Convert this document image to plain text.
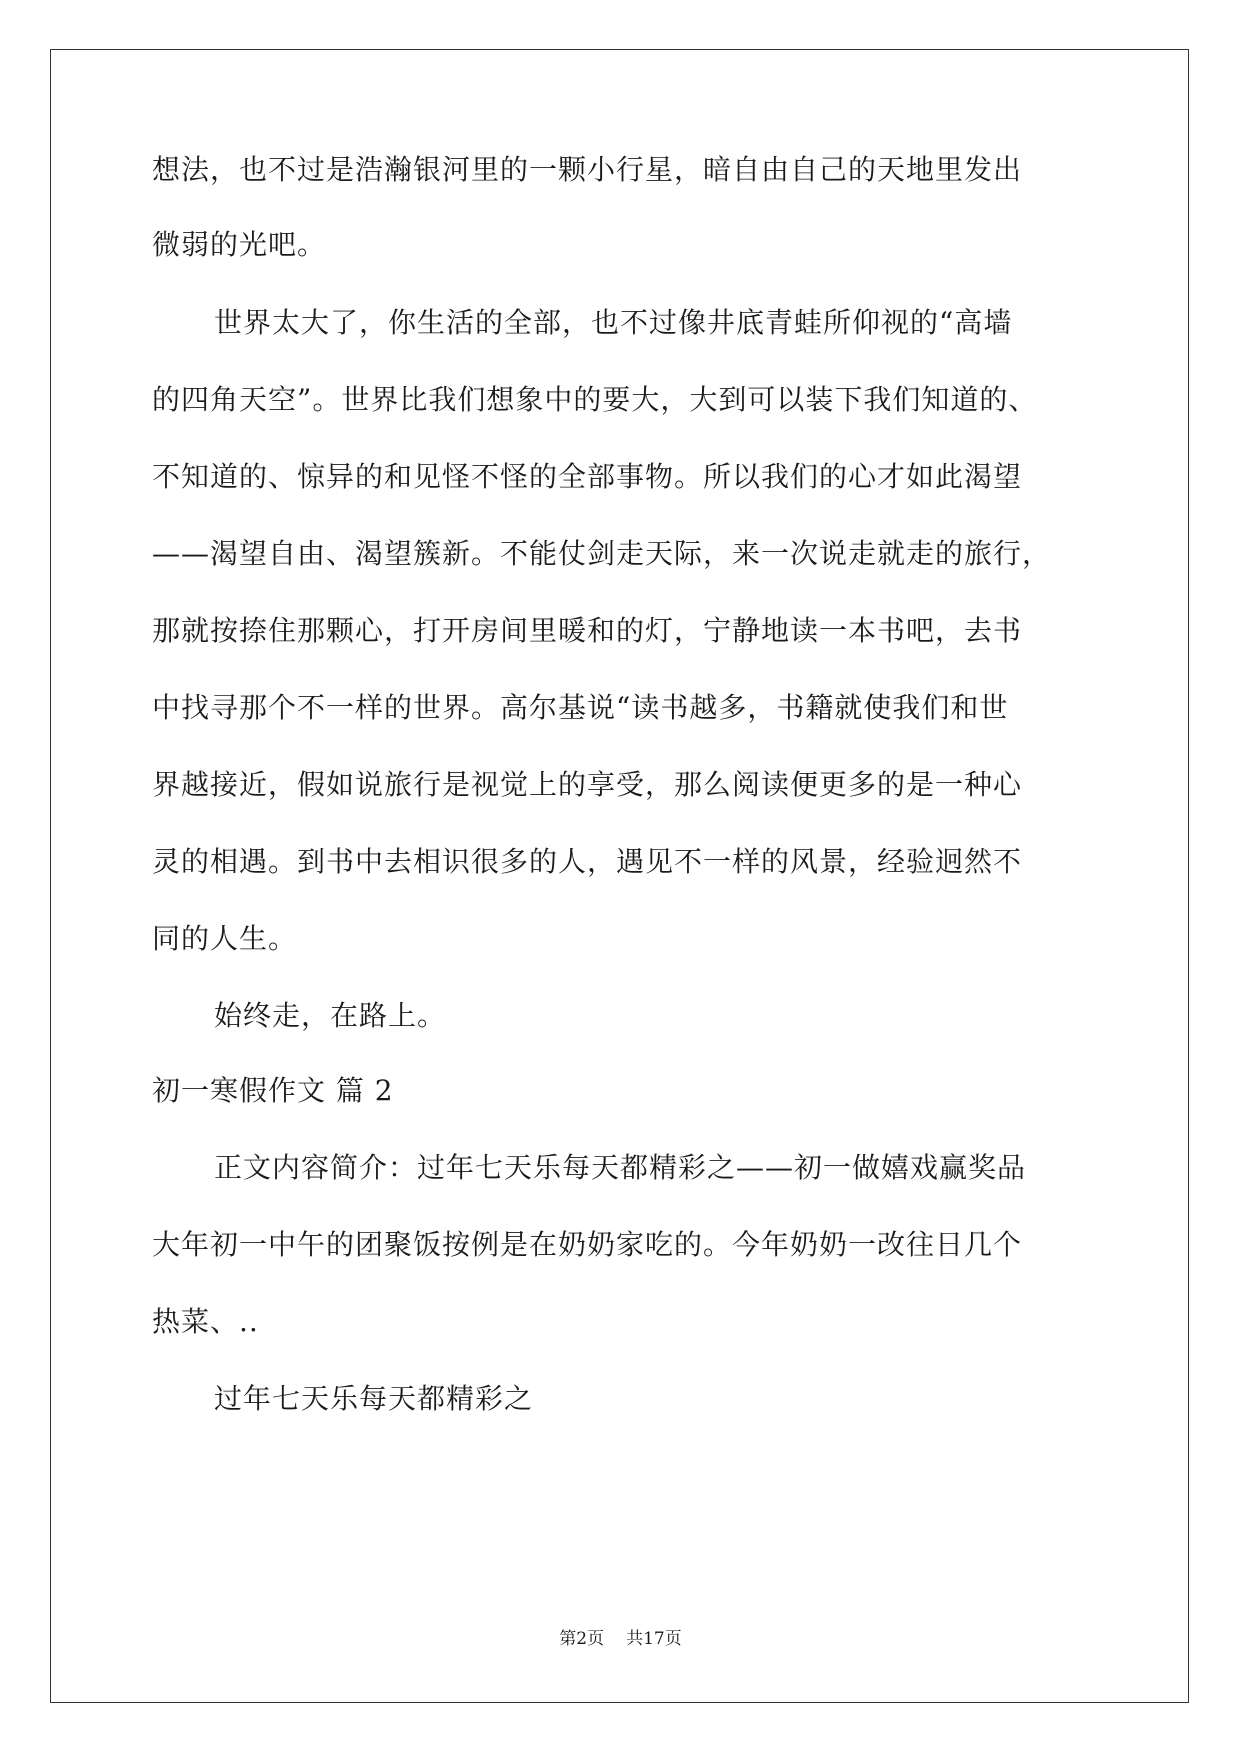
想法，也不过是浩瀚银河里的一颗小行星，暗自由自己的天地里发出
微弱的光吧。
世界太大了，你生活的全部，也不过像井底青蛙所仰视的“高墙
的四角天空”。世界比我们想象中的要大，大到可以装下我们知道的、
不知道的、惊异的和见怪不怪的全部事物。所以我们的心才如此渴望
——渴望自由、渴望簇新。不能仗剑走天际，来一次说走就走的旅行，
那就按捺住那颗心，打开房间里暖和的灯，宁静地读一本书吧，去书
中找寻那个不一样的世界。高尔基说“读书越多，书籍就使我们和世
界越接近，假如说旅行是视觉上的享受，那么阅读便更多的是一种心
灵的相遇。到书中去相识很多的人，遇见不一样的风景，经验迥然不
同的人生。
始终走，在路上。
初一寒假作文 篇 2
正文内容简介：过年七天乐每天都精彩之——初一做嬉戏赢奖品
大年初一中午的团聚饭按例是在奶奶家吃的。今年奶奶一改往日几个
热菜、..
过年七天乐每天都精彩之
第2页 共17页
